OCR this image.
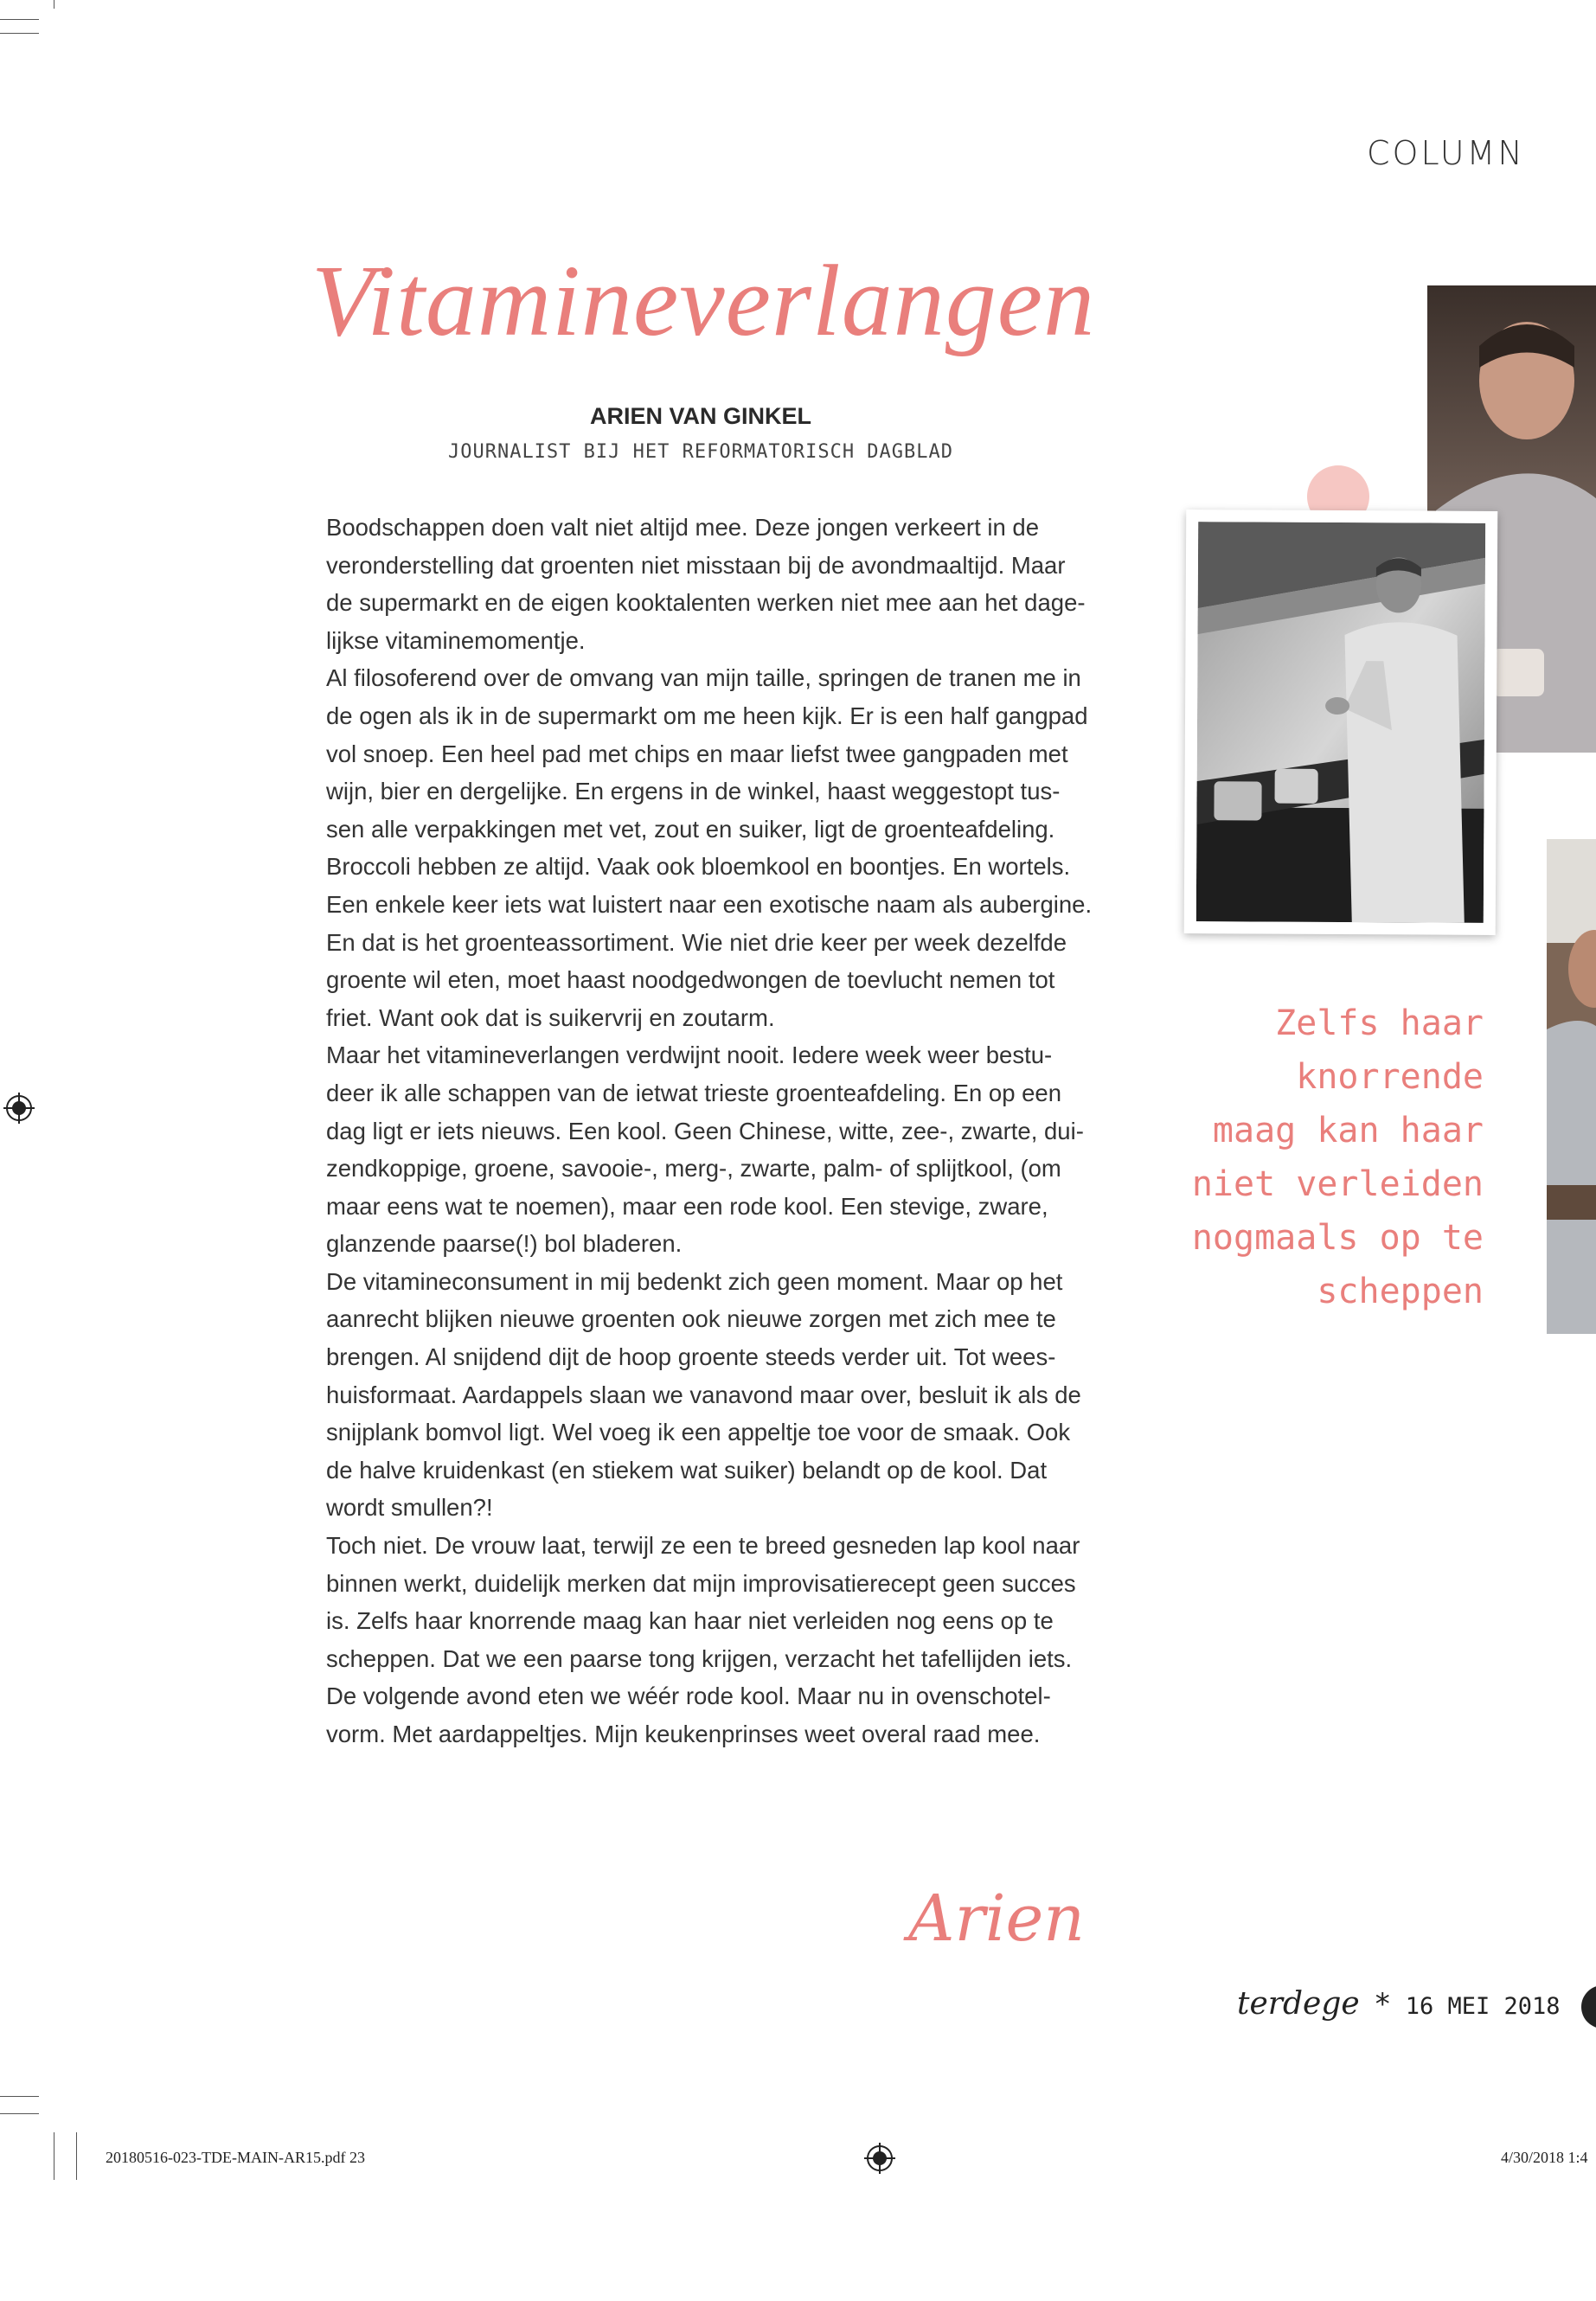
COLUMN
Vitamineverlangen
ARIEN VAN GINKEL
JOURNALIST BIJ HET REFORMATORISCH DAGBLAD

Boodschappen doen valt niet altijd mee. Deze jongen verkeert in de

veronderstelling dat groenten niet misstaan bij de avondmaaltijd. Maar

de supermarkt en de eigen kooktalenten werken niet mee aan het dage-

lijkse vitaminemomentje.

Al filosoferend over de omvang van mijn taille, springen de tranen me in

de ogen als ik in de supermarkt om me heen kijk. Er is een half gangpad

vol snoep. Een heel pad met chips en maar liefst twee gangpaden met

wijn, bier en dergelijke. En ergens in de winkel, haast weggestopt tus-

sen alle verpakkingen met vet, zout en suiker, ligt de groenteafdeling.

Broccoli hebben ze altijd. Vaak ook bloemkool en boontjes. En wortels.

Een enkele keer iets wat luistert naar een exotische naam als aubergine.

En dat is het groenteassortiment. Wie niet drie keer per week dezelfde

groente wil eten, moet haast noodgedwongen de toevlucht nemen tot

friet. Want ook dat is suikervrij en zoutarm.

Maar het vitamineverlangen verdwijnt nooit. Iedere week weer bestu-

deer ik alle schappen van de ietwat trieste groenteafdeling. En op een

dag ligt er iets nieuws. Een kool. Geen Chinese, witte, zee-, zwarte, dui-

zendkoppige, groene, savooie-, merg-, zwarte, palm- of splijtkool, (om

maar eens wat te noemen), maar een rode kool. Een stevige, zware,

glanzende paarse(!) bol bladeren.

De vitamineconsument in mij bedenkt zich geen moment. Maar op het

aanrecht blijken nieuwe groenten ook nieuwe zorgen met zich mee te

brengen. Al snijdend dijt de hoop groente steeds verder uit. Tot wees-

huisformaat. Aardappels slaan we vanavond maar over, besluit ik als de

snijplank bomvol ligt. Wel voeg ik een appeltje toe voor de smaak. Ook

de halve kruidenkast (en stiekem wat suiker) belandt op de kool. Dat

wordt smullen?!

Toch niet. De vrouw laat, terwijl ze een te breed gesneden lap kool naar

binnen werkt, duidelijk merken dat mijn improvisatierecept geen succes

is. Zelfs haar knorrende maag kan haar niet verleiden nog eens op te

scheppen. Dat we een paarse tong krijgen, verzacht het tafellijden iets.

De volgende avond eten we wéér rode kool. Maar nu in ovenschotel-

vorm. Met aardappeltjes. Mijn keukenprinses weet overal raad mee.

Zelfs haar
knorrende
maag kan haar
niet verleiden
nogmaals op te
scheppen
Arien
terdege * 16 MEI 2018
20180516-023-TDE-MAIN-AR15.pdf 23	4/30/2018 1:4
